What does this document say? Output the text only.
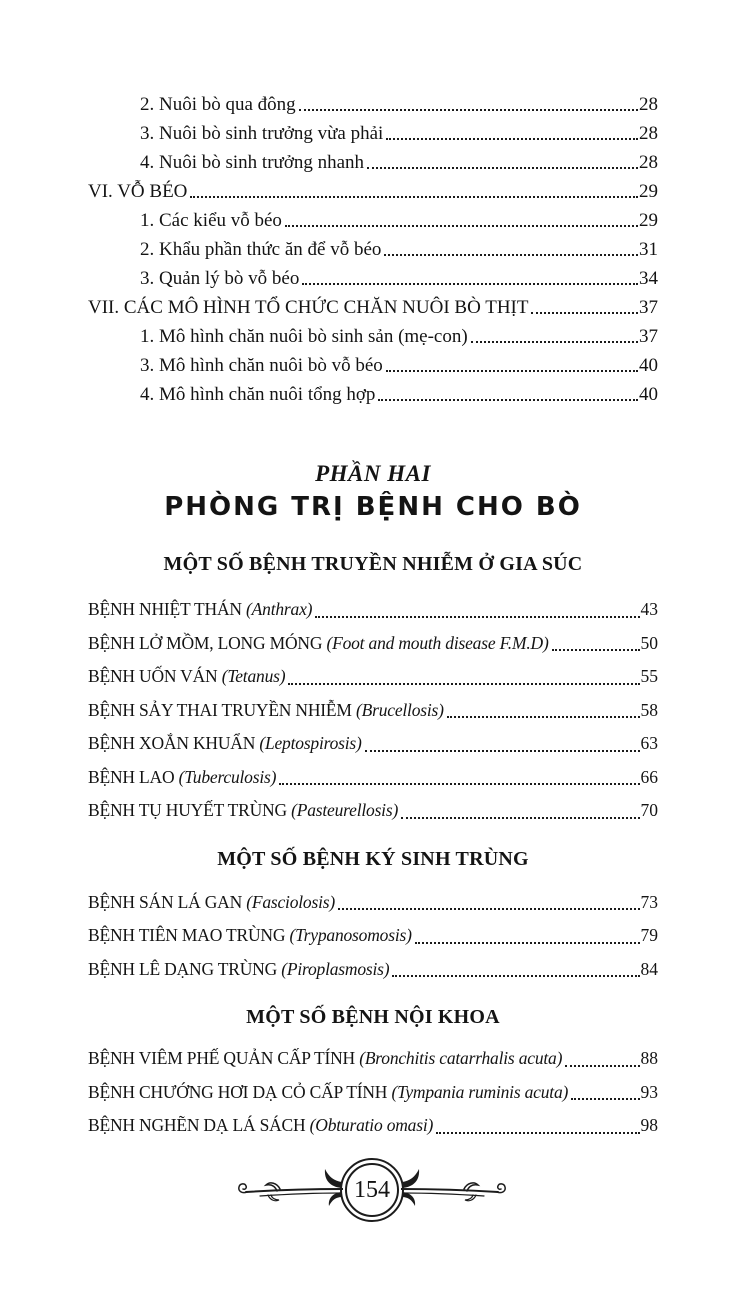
2. Nuôi bò qua đông	28
3. Nuôi bò sinh trưởng vừa phải	28
4. Nuôi bò sinh trưởng nhanh	28
VI. VỖ BÉO	29
1. Các kiểu vỗ béo	29
2. Khẩu phần thức ăn để vỗ béo	31
3. Quản lý bò vỗ béo	34
VII. CÁC MÔ HÌNH TỔ CHỨC CHĂN NUÔI BÒ THỊT	37
1. Mô hình chăn nuôi bò sinh sản (mẹ-con)	37
3. Mô hình chăn nuôi bò vỗ béo	40
4. Mô hình chăn nuôi tổng hợp	40
PHẦN HAI
PHÒNG TRỊ BỆNH CHO BÒ
MỘT SỐ BỆNH TRUYỀN NHIỄM Ở GIA SÚC
BỆNH NHIỆT THÁN (Anthrax)	43
BỆNH LỞ MỒM, LONG MÓNG (Foot and mouth disease F.M.D)	50
BỆNH UỐN VÁN (Tetanus)	55
BỆNH SẢY THAI TRUYỀN NHIỄM (Brucellosis)	58
BỆNH XOẮN KHUẨN (Leptospirosis)	63
BỆNH LAO (Tuberculosis)	66
BỆNH TỤ HUYẾT TRÙNG (Pasteurellosis)	70
MỘT SỐ BỆNH KÝ SINH TRÙNG
BỆNH SÁN LÁ GAN (Fasciolosis)	73
BỆNH TIÊN MAO TRÙNG (Trypanosomosis)	79
BỆNH LÊ DẠNG TRÙNG (Piroplasmosis)	84
MỘT SỐ BỆNH NỘI KHOA
BỆNH VIÊM PHẾ QUẢN CẤP TÍNH (Bronchitis catarrhalis acuta)	88
BỆNH CHƯỚNG HƠI DẠ CỎ CẤP TÍNH (Tympania ruminis acuta)	93
BỆNH NGHẼN DẠ LÁ SÁCH (Obturatio omasi)	98
154
